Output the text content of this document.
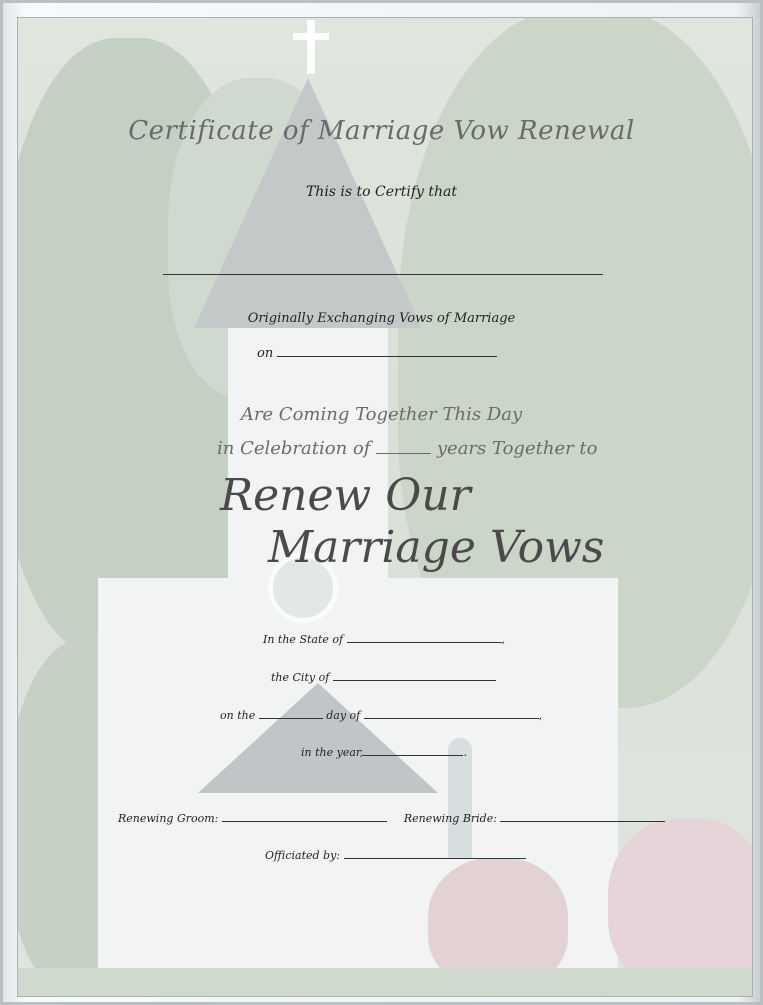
Certificate of Marriage Vow Renewal
This is to Certify that
Originally Exchanging Vows of Marriage
on
Are Coming Together This Day
in Celebration of	years Together to
Renew Our
Marriage Vows
In the State of	,
the City of
on the	day of	,
in the year,	.
Renewing Groom:	Renewing Bride:
Officiated by:
